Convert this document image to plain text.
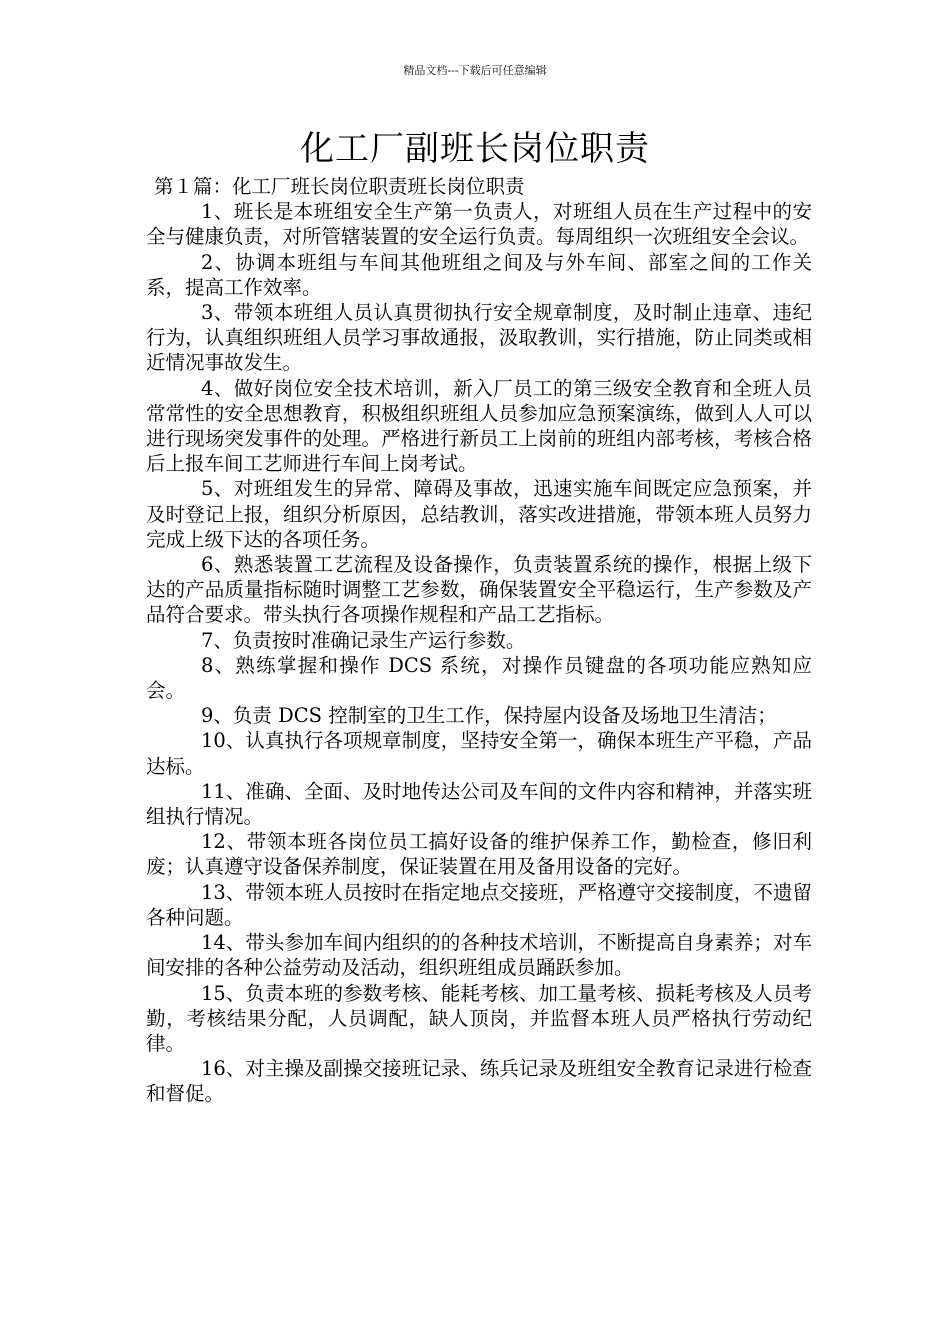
精品文档---下载后可任意编辑
化工厂副班长岗位职责

第１篇：化工厂班长岗位职责班长岗位职责

1、班长是本班组安全生产第一负责人，对班组人员在生产过程中的安全与健康负责，对所管辖装置的安全运行负责。每周组织一次班组安全会议。

2、协调本班组与车间其他班组之间及与外车间、部室之间的工作关系，提高工作效率。

3、带领本班组人员认真贯彻执行安全规章制度，及时制止违章、违纪行为，认真组织班组人员学习事故通报，汲取教训，实行措施，防止同类或相近情况事故发生。

4、做好岗位安全技术培训，新入厂员工的第三级安全教育和全班人员常常性的安全思想教育，积极组织班组人员参加应急预案演练，做到人人可以进行现场突发事件的处理。严格进行新员工上岗前的班组内部考核，考核合格后上报车间工艺师进行车间上岗考试。

5、对班组发生的异常、障碍及事故，迅速实施车间既定应急预案，并及时登记上报，组织分析原因，总结教训，落实改进措施，带领本班人员努力完成上级下达的各项任务。

6、熟悉装置工艺流程及设备操作，负责装置系统的操作，根据上级下达的产品质量指标随时调整工艺参数，确保装置安全平稳运行，生产参数及产品符合要求。带头执行各项操作规程和产品工艺指标。

7、负责按时准确记录生产运行参数。

8、熟练掌握和操作 DCS 系统，对操作员键盘的各项功能应熟知应会。

9、负责 DCS 控制室的卫生工作，保持屋内设备及场地卫生清洁；

10、认真执行各项规章制度，坚持安全第一，确保本班生产平稳，产品达标。

11、准确、全面、及时地传达公司及车间的文件内容和精神，并落实班组执行情况。

12、带领本班各岗位员工搞好设备的维护保养工作，勤检查，修旧利废；认真遵守设备保养制度，保证装置在用及备用设备的完好。

13、带领本班人员按时在指定地点交接班，严格遵守交接制度，不遗留各种问题。

14、带头参加车间内组织的的各种技术培训，不断提高自身素养；对车间安排的各种公益劳动及活动，组织班组成员踊跃参加。

15、负责本班的参数考核、能耗考核、加工量考核、损耗考核及人员考勤，考核结果分配，人员调配，缺人顶岗，并监督本班人员严格执行劳动纪律。

16、对主操及副操交接班记录、练兵记录及班组安全教育记录进行检查和督促。
